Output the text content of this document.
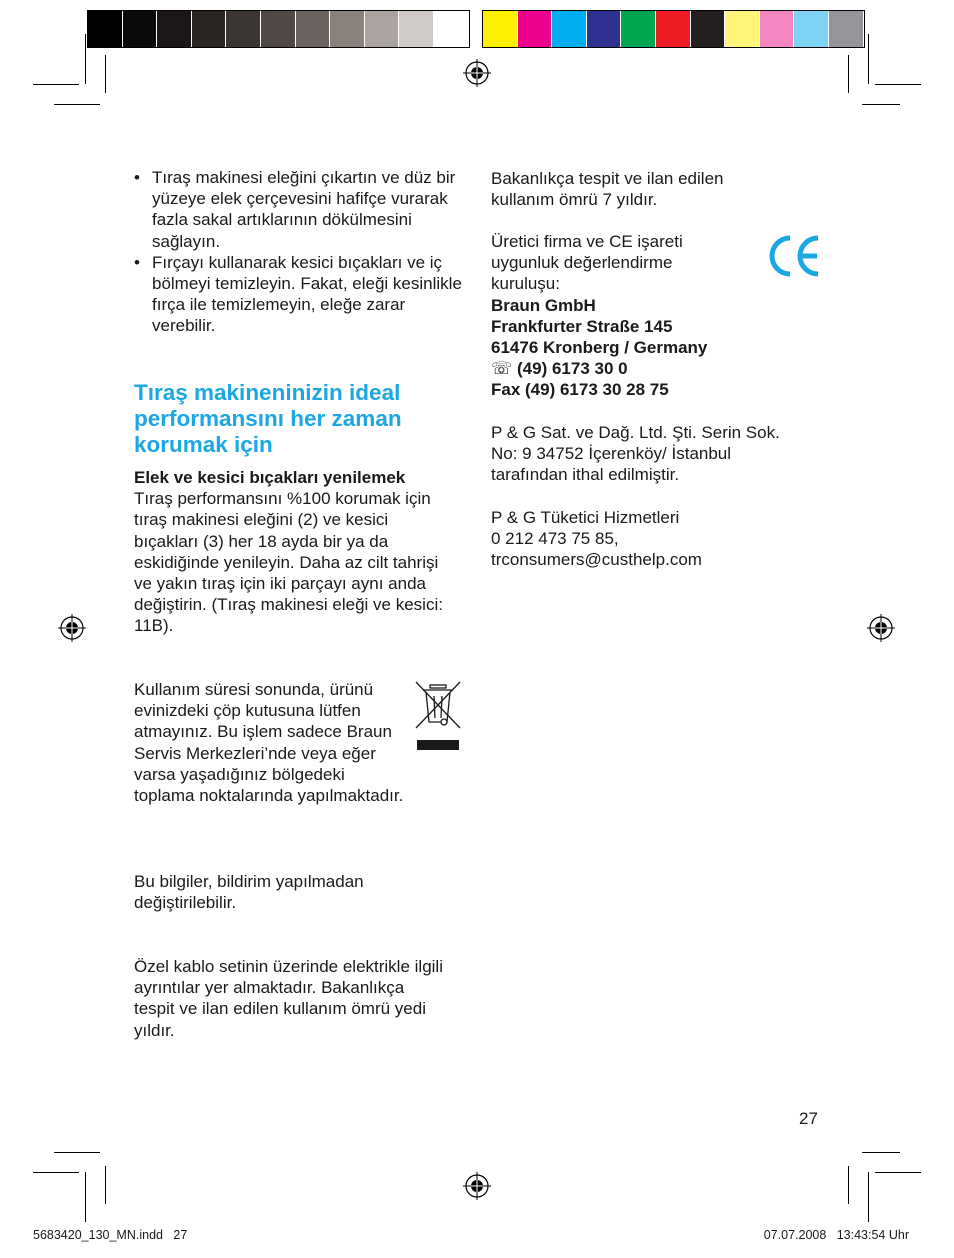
• Tıraş makinesi eleğini çıkartın ve düz bir yüzeye elek çerçevesini hafifçe vurarak fazla sakal artıklarının dökülmesini sağlayın.
• Fırçayı kullanarak kesici bıçakları ve iç bölmeyi temizleyin. Fakat, eleği kesinlikle fırça ile temizlemeyin, eleğe zarar verebilir.
Tıraş makineninizin ideal performansını her zaman korumak için
Elek ve kesici bıçakları yenilemek
Tıraş performansını %100 korumak için tıraş makinesi eleğini (2) ve kesici bıçakları (3) her 18 ayda bir ya da eskidiğinde yenileyin. Daha az cilt tahrişi ve yakın tıraş için iki parçayı aynı anda değiştirin. (Tıraş makinesi eleği ve kesici: 11B).
Kullanım süresi sonunda, ürünü evinizdeki çöp kutusuna lütfen atmayınız. Bu işlem sadece Braun Servis Merkezleri’nde veya eğer varsa yaşadığınız bölgedeki toplama noktalarında yapılmaktadır.
Bu bilgiler, bildirim yapılmadan değiştirilebilir.
Özel kablo setinin üzerinde elektrikle ilgili ayrıntılar yer almaktadır. Bakanlıkça tespit ve ilan edilen kullanım ömrü yedi yıldır.
Bakanlıkça tespit ve ilan edilen kullanım ömrü 7 yıldır.
Üretici firma ve CE işareti uygunluk değerlendirme kuruluşu:
Braun GmbH
Frankfurter Straße 145
61476 Kronberg / Germany
☏ (49) 6173 30 0
Fax (49) 6173 30 28 75
P & G Sat. ve Dağ. Ltd. Şti. Serin Sok. No: 9 34752 İçerenköy/ İstanbul tarafından ithal edilmiştir.
P & G Tüketici Hizmetleri
0 212 473 75 85,
trconsumers@custhelp.com
27
5683420_130_MN.indd   27	07.07.2008   13:43:54 Uhr
